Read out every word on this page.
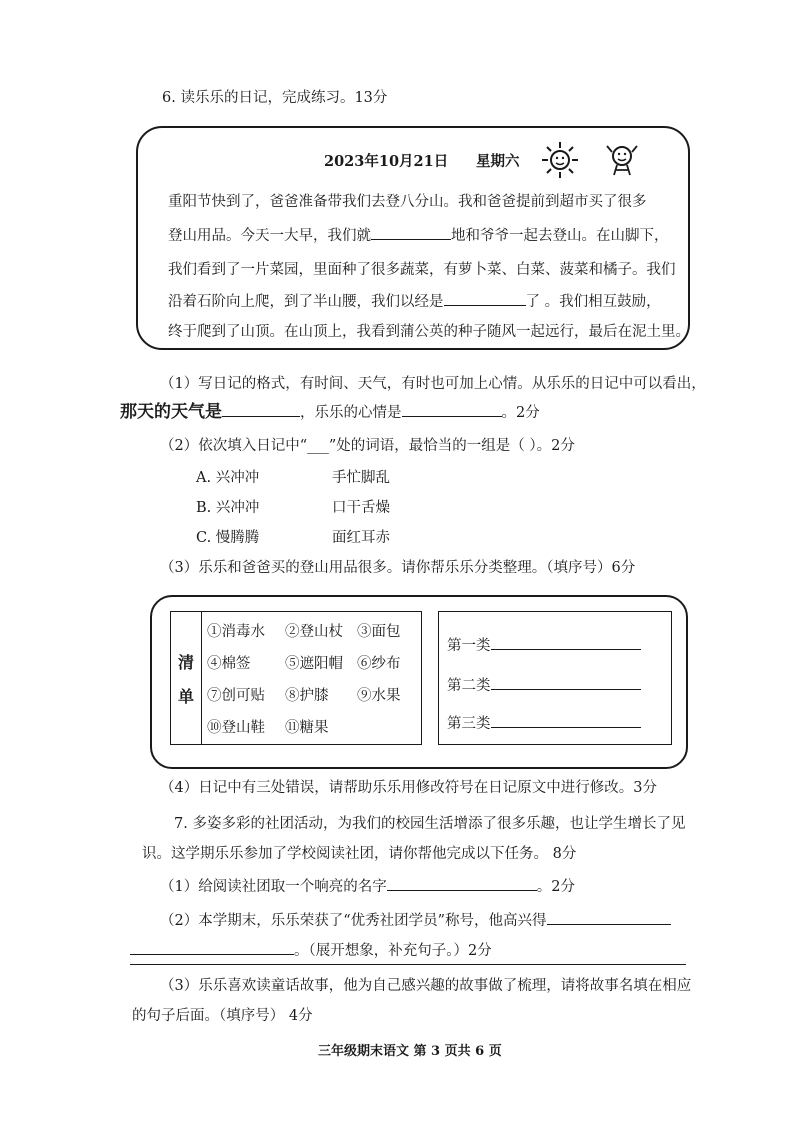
6. 读乐乐的日记，完成练习。13分
2023年10月21日 星期六
重阳节快到了，爸爸准备带我们去登八分山。我和爸爸提前到超市买了很多
登山用品。今天一大早，我们就	地和爷爷一起去登山。在山脚下，
我们看到了一片菜园，里面种了很多蔬菜，有萝卜菜、白菜、菠菜和橘子。我们
沿着石阶向上爬，到了半山腰，我们以经是	了 。我们相互鼓励，
终于爬到了山顶。在山顶上，我看到蒲公英的种子随风一起远行，最后在泥土里。
（1）写日记的格式，有时间、天气，有时也可加上心情。从乐乐的日记中可以看出，
那天的天气是	，乐乐的心情是	。2分
（2）依次填入日记中“___”处的词语，最恰当的一组是（ ）。2分
A. 兴冲冲	手忙脚乱
B. 兴冲冲	口干舌燥
C. 慢腾腾	面红耳赤
（3）乐乐和爸爸买的登山用品很多。请你帮乐乐分类整理。（填序号）6分
清
单
①消毒水 ②登山杖 ③面包
④棉签 ⑤遮阳帽 ⑥纱布
⑦创可贴 ⑧护膝 ⑨水果
⑩登山鞋 ⑪糖果
第一类
第二类
第三类
（4）日记中有三处错误，请帮助乐乐用修改符号在日记原文中进行修改。3分
7. 多姿多彩的社团活动，为我们的校园生活增添了很多乐趣，也让学生增长了见
识。这学期乐乐参加了学校阅读社团，请你帮他完成以下任务。 8分
（1）给阅读社团取一个响亮的名字	。2分
（2）本学期末，乐乐荣获了“优秀社团学员”称号，他高兴得
。（展开想象，补充句子。）2分
（3）乐乐喜欢读童话故事，他为自己感兴趣的故事做了梳理，请将故事名填在相应
的句子后面。（填序号） 4分
三年级期末语文 第 3 页共 6 页
